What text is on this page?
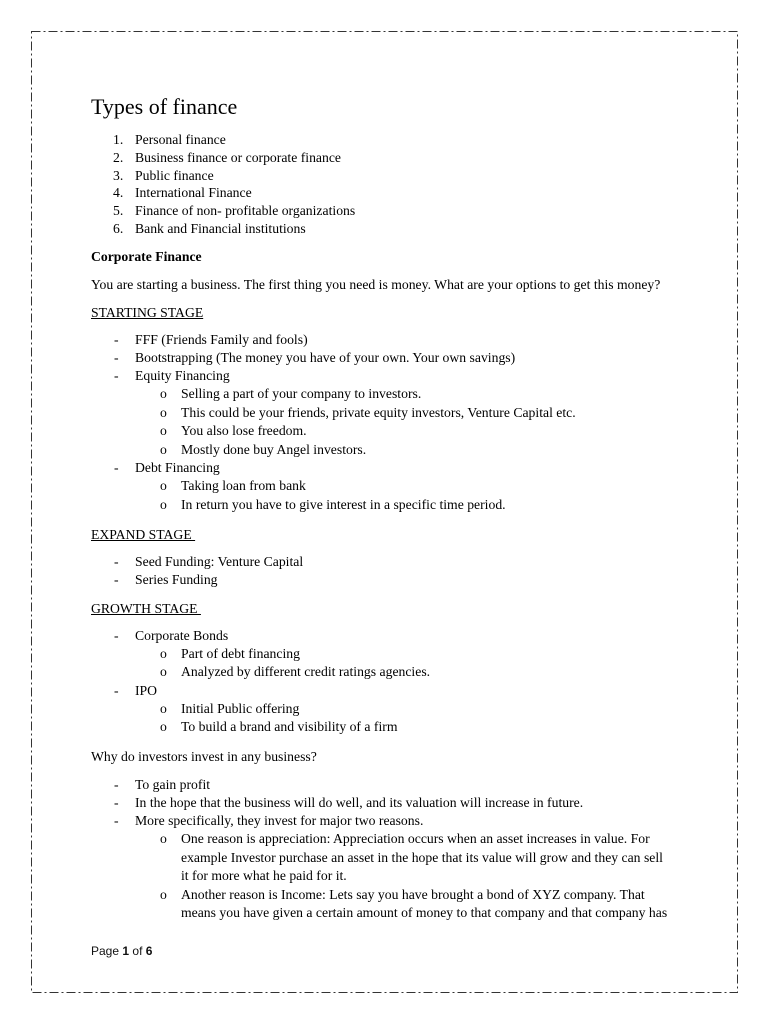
Types of finance
1. Personal finance
2. Business finance or corporate finance
3. Public finance
4. International Finance
5. Finance of non- profitable organizations
6. Bank and Financial institutions
Corporate Finance
You are starting a business. The first thing you need is money. What are your options to get this money?
STARTING STAGE
- FFF (Friends Family and fools)
- Bootstrapping (The money you have of your own. Your own savings)
- Equity Financing
o Selling a part of your company to investors.
o This could be your friends, private equity investors, Venture Capital etc.
o You also lose freedom.
o Mostly done buy Angel investors.
- Debt Financing
o Taking loan from bank
o In return you have to give interest in a specific time period.
EXPAND STAGE
- Seed Funding: Venture Capital
- Series Funding
GROWTH STAGE
- Corporate Bonds
o Part of debt financing
o Analyzed by different credit ratings agencies.
- IPO
o Initial Public offering
o To build a brand and visibility of a firm
Why do investors invest in any business?
- To gain profit
- In the hope that the business will do well, and its valuation will increase in future.
- More specifically, they invest for major two reasons.
o One reason is appreciation: Appreciation occurs when an asset increases in value. For
example Investor purchase an asset in the hope that its value will grow and they can sell
it for more what he paid for it.
o Another reason is Income: Lets say you have brought a bond of XYZ company. That
means you have given a certain amount of money to that company and that company has
Page 1 of 6
